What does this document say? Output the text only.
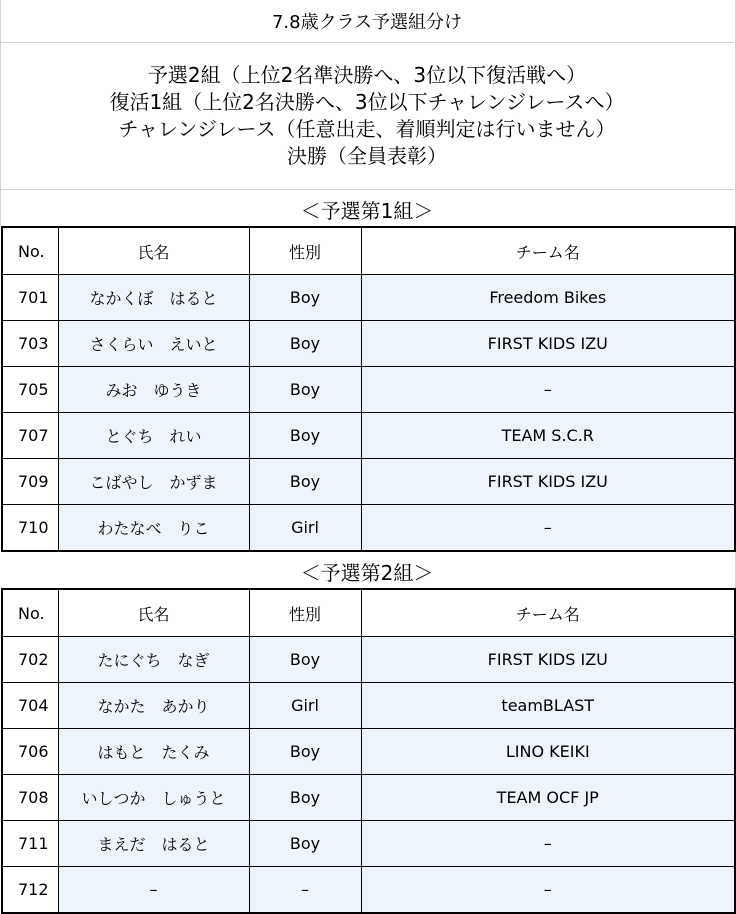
7.8歳クラス予選組分け
予選2組（上位2名準決勝へ、3位以下復活戦へ）
復活1組（上位2名決勝へ、3位以下チャレンジレースへ）
チャレンジレース（任意出走、着順判定は行いません）
決勝（全員表彰）
＜予選第1組＞
No.	氏名	性別	チーム名
701	なかくぼ　はると	Boy	Freedom Bikes
703	さくらい　えいと	Boy	FIRST KIDS IZU
705	みお　ゆうき	Boy	–
707	とぐち　れい	Boy	TEAM S.C.R
709	こばやし　かずま	Boy	FIRST KIDS IZU
710	わたなべ　りこ	Girl	–
＜予選第2組＞
No.	氏名	性別	チーム名
702	たにぐち　なぎ	Boy	FIRST KIDS IZU
704	なかた　あかり	Girl	teamBLAST
706	はもと　たくみ	Boy	LINO KEIKI
708	いしつか　しゅうと	Boy	TEAM OCF JP
711	まえだ　はると	Boy	–
712	–	–	–
